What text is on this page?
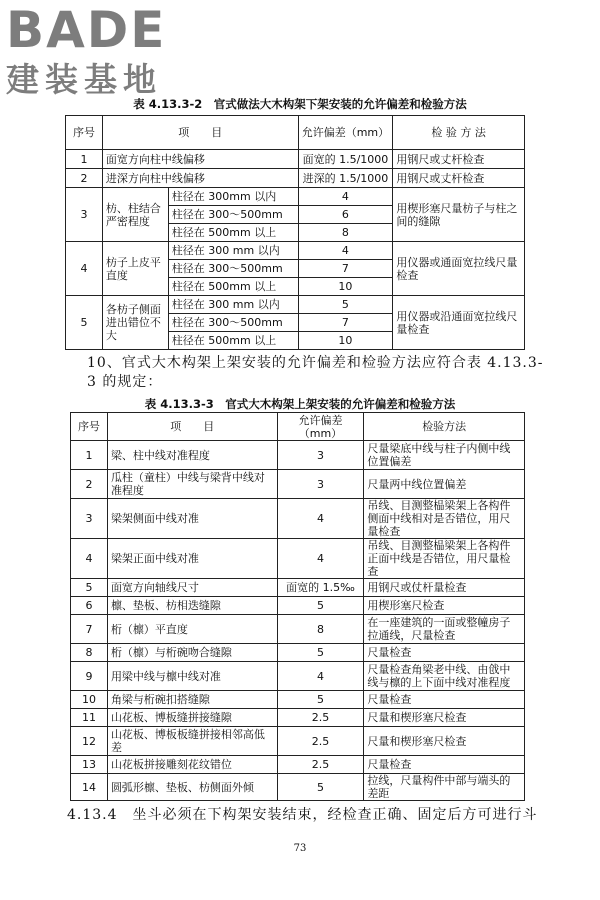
BADE
建装基地
表 4.13.3-2　官式做法大木构架下架安装的允许偏差和检验方法
序号	项　　目		允许偏差（mm）	检 验 方 法
1	面宽方向柱中线偏移		面宽的 1.5/1000	用钢尺或丈杆检查
2	进深方向柱中线偏移		进深的 1.5/1000	用钢尺或丈杆检查
3	枋、柱结合严密程度	柱径在 300mm 以内	4	用楔形塞尺量枋子与柱之间的缝隙
		柱径在 300～500mm	6	
		柱径在 500mm 以上	8	
4	枋子上皮平直度	柱径在 300 mm 以内	4	用仪器或通面宽拉线尺量检查
		柱径在 300～500mm	7	
		柱径在 500mm 以上	10	
5	各枋子侧面进出错位不大	柱径在 300 mm 以内	5	用仪器或沿通面宽拉线尺量检查
		柱径在 300～500mm	7	
		柱径在 500mm 以上	10	
10、官式大木构架上架安装的允许偏差和检验方法应符合表 4.13.3-3 的规定：
表 4.13.3-3　官式大木构架上架安装的允许偏差和检验方法
序号	项　　目	允许偏差（mm）	检验方法
1	梁、柱中线对准程度	3	尺量梁底中线与柱子内侧中线位置偏差
2	瓜柱（童柱）中线与梁背中线对准程度	3	尺量两中线位置偏差
3	梁架侧面中线对准	4	吊线、目测整榀梁架上各构件侧面中线相对是否错位，用尺量检查
4	梁架正面中线对准	4	吊线、目测整榀梁架上各构件正面中线是否错位，用尺量检查
5	面宽方向轴线尺寸	面宽的 1.5‰	用钢尺或仗杆量检查
6	檩、垫板、枋相迭缝隙	5	用楔形塞尺检查
7	桁（檩）平直度	8	在一座建筑的一面或整幢房子拉通线，尺量检查
8	桁（檩）与桁碗吻合缝隙	5	尺量检查
9	用梁中线与檩中线对准	4	尺量检查角梁老中线、由戗中线与檩的上下面中线对准程度
10	角梁与桁碗扣搭缝隙	5	尺量检查
11	山花板、博板缝拼接缝隙	2.5	尺量和楔形塞尺检查
12	山花板、博板板缝拼接相邻高低差	2.5	尺量和楔形塞尺检查
13	山花板拼接雕刻花纹错位	2.5	尺量检查
14	圆弧形檩、垫板、枋侧面外倾	5	拉线，尺量构件中部与端头的差距
4.13.4　坐斗必须在下构架安装结束，经检查正确、固定后方可进行斗
73
